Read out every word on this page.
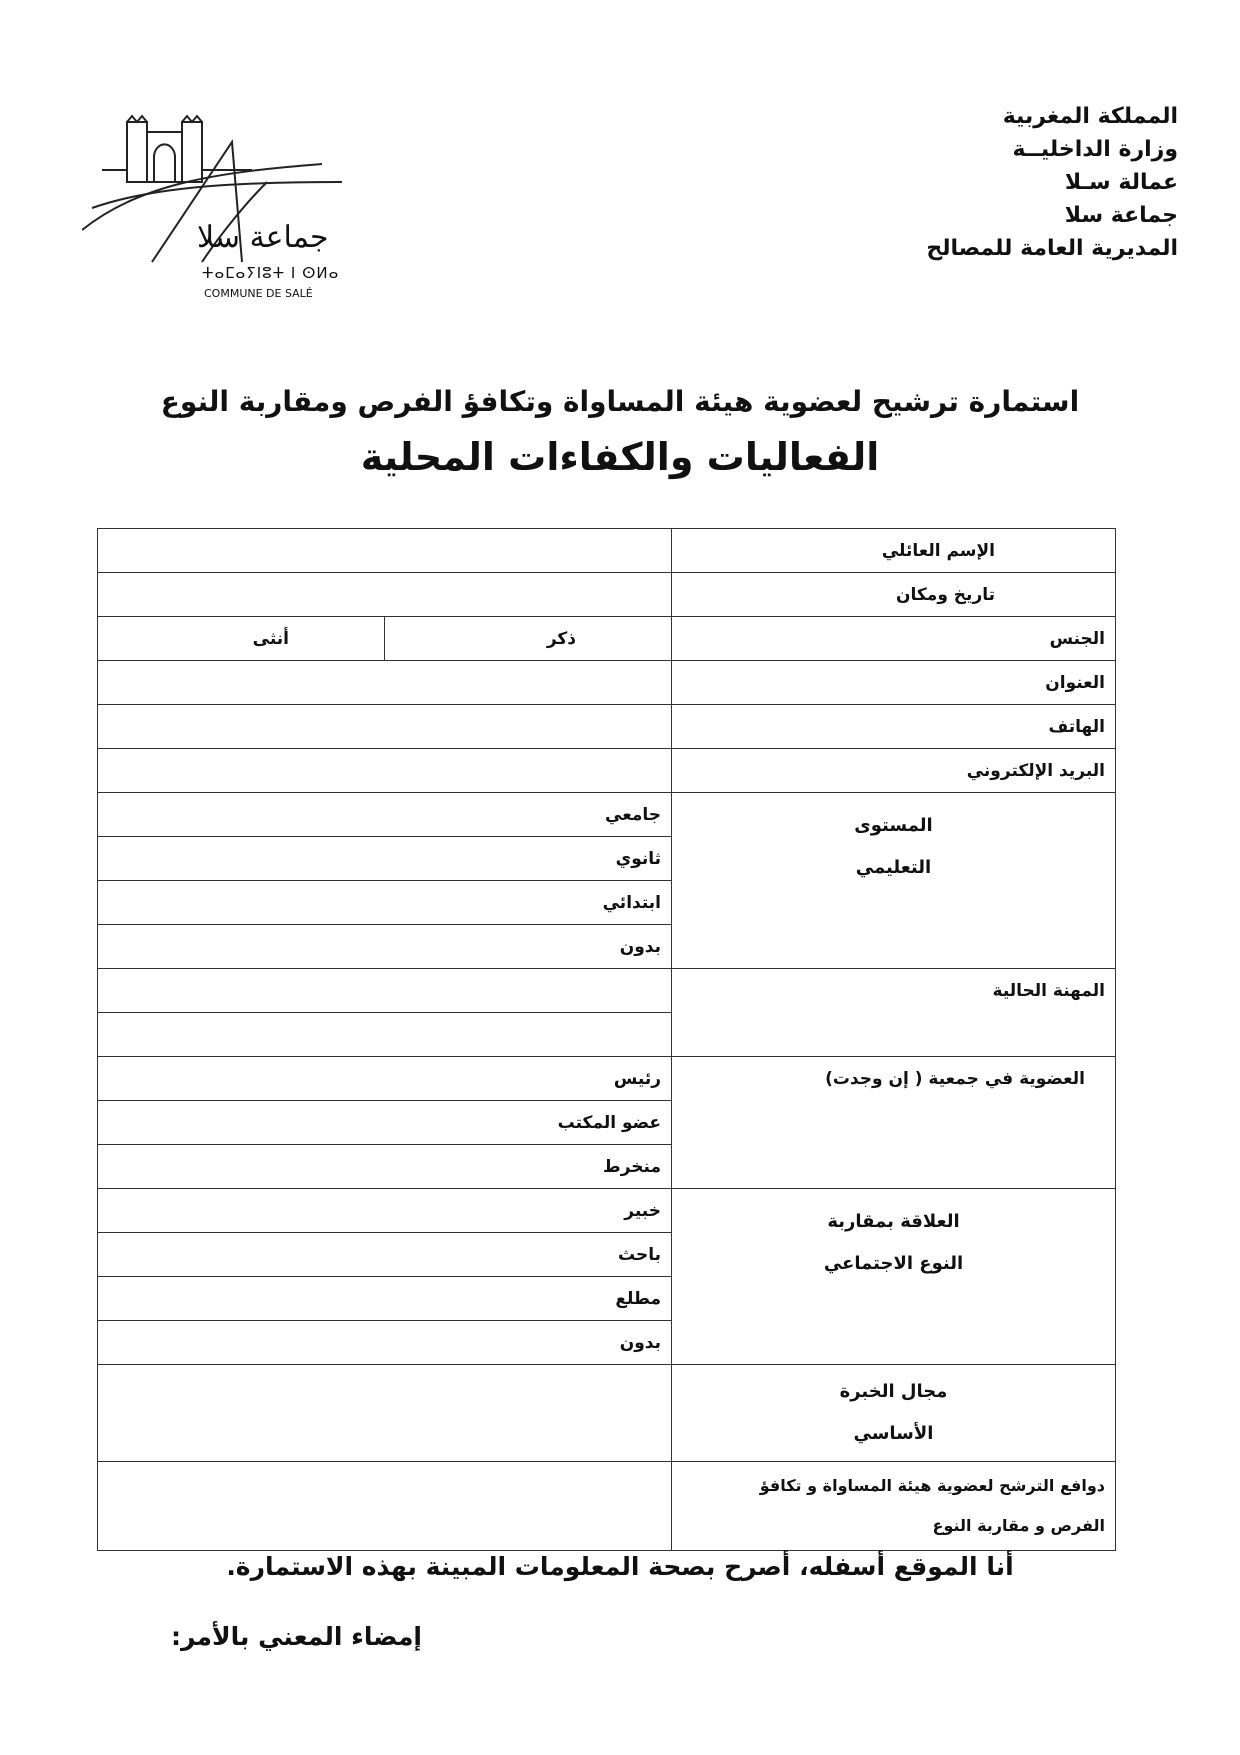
المملكة المغربية
وزارة الداخليــة
عمالة سـلا
جماعة سلا
المديرية العامة للمصالح
جماعة سلا
ⵜⴰⵎⴰⵢⵏⵓⵜ ⵏ ⵙⵍⴰ
COMMUNE DE SALÉ
استمارة ترشيح لعضوية هيئة المساواة وتكافؤ الفرص ومقاربة النوع
الفعاليات والكفاءات المحلية
الإسم العائلي		
تاريخ ومكان		
الجنس	ذكر	أنثى
العنوان		
الهاتف		
البريد الإلكتروني		

المستوى
التعليمي	جامعي	
	ثانوي	
	ابتدائي	
	بدون	
المهنة الحالية		

العضوية في جمعية ( إن وجدت)	رئيس	
	عضو المكتب	
	منخرط	

العلاقة بمقاربة
النوع الاجتماعي	خبير	
	باحث	
	مطلع	
	بدون	

مجال الخبرة
الأساسي		

دوافع الترشح لعضوية هيئة المساواة و تكافؤ
الفرص و مقاربة النوع		

أنا الموقع أسفله، أصرح بصحة المعلومات المبينة بهذه الاستمارة.
إمضاء المعني بالأمر:
